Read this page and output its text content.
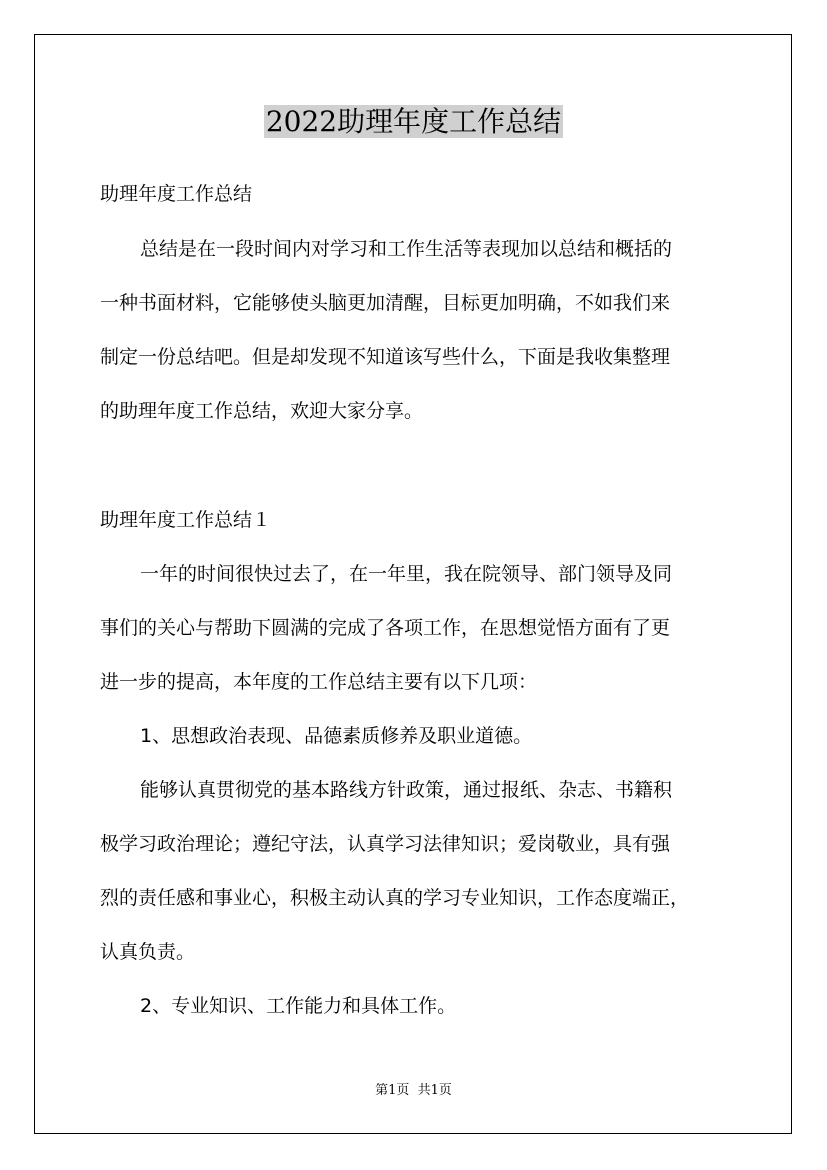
2022助理年度工作总结

助理年度工作总结

总结是在一段时间内对学习和工作生活等表现加以总结和概括的

一种书面材料，它能够使头脑更加清醒，目标更加明确，不如我们来

制定一份总结吧。但是却发现不知道该写些什么，下面是我收集整理

的助理年度工作总结，欢迎大家分享。

助理年度工作总结１

一年的时间很快过去了，在一年里，我在院领导、部门领导及同

事们的关心与帮助下圆满的完成了各项工作，在思想觉悟方面有了更

进一步的提高，本年度的工作总结主要有以下几项：

1、思想政治表现、品德素质修养及职业道德。

能够认真贯彻党的基本路线方针政策，通过报纸、杂志、书籍积

极学习政治理论；遵纪守法，认真学习法律知识；爱岗敬业，具有强

烈的责任感和事业心，积极主动认真的学习专业知识，工作态度端正，

认真负责。

2、专业知识、工作能力和具体工作。

第1页  共1页
